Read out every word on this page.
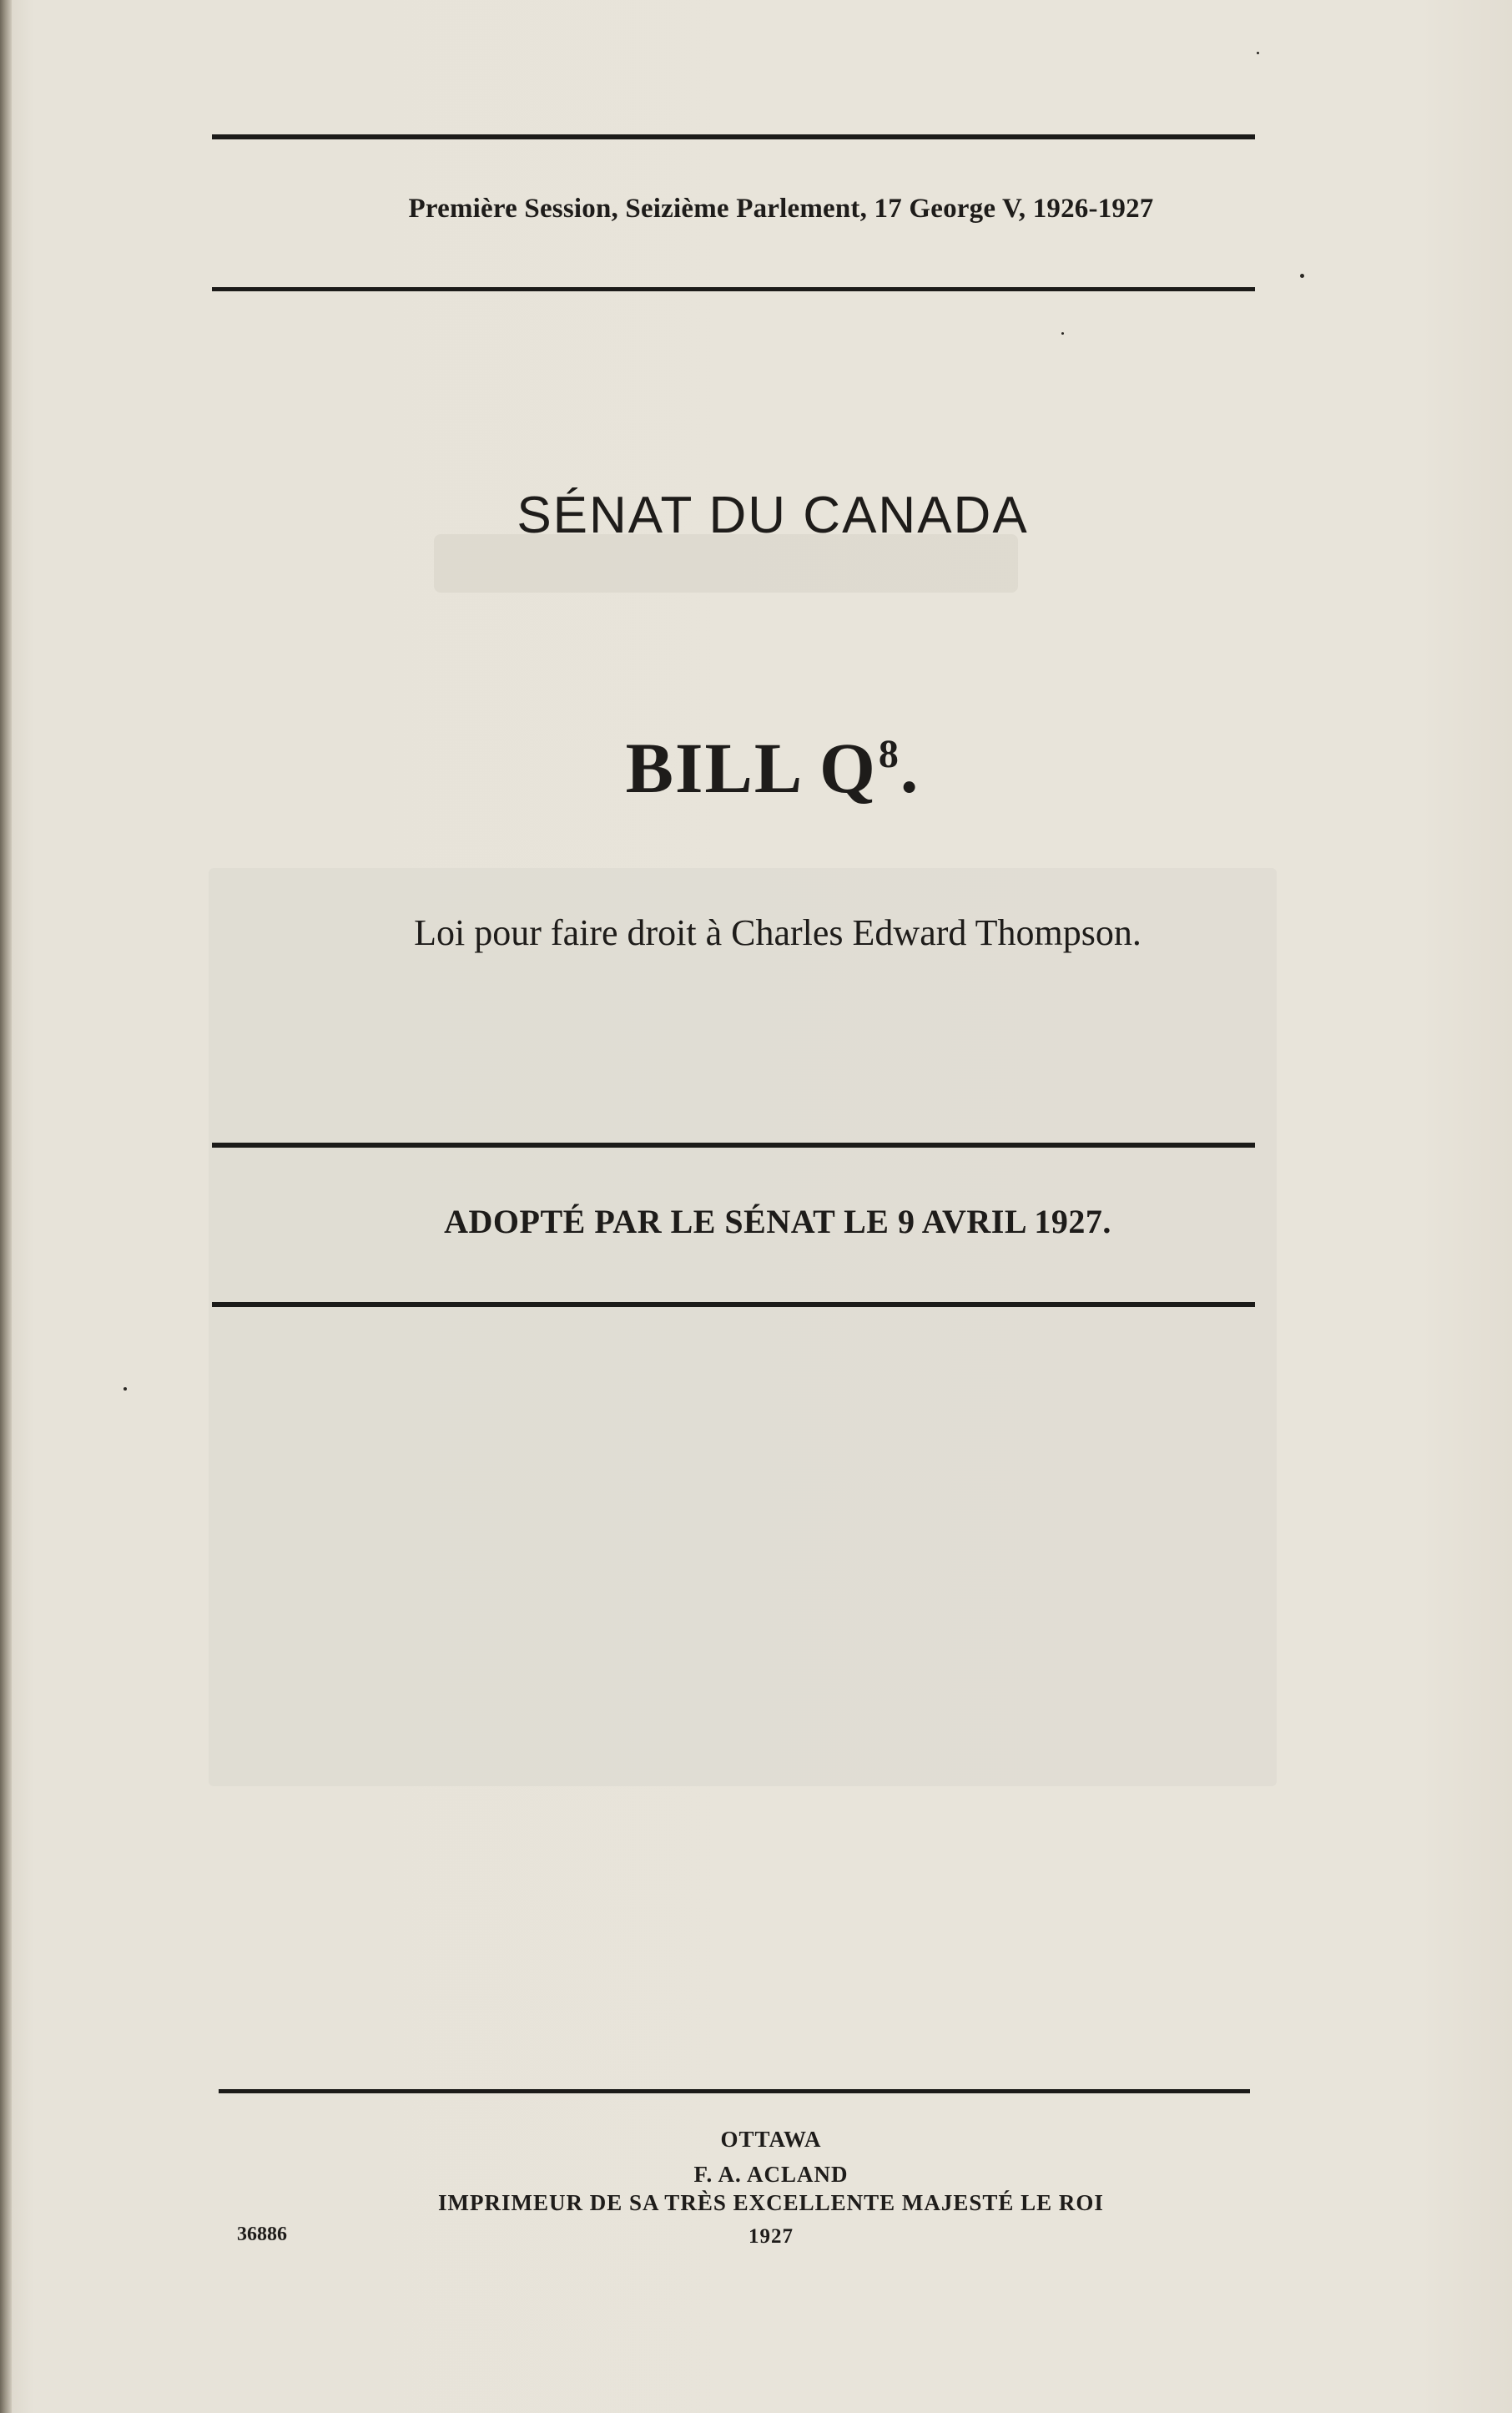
Première Session, Seizième Parlement, 17 George V, 1926-1927
SÉNAT DU CANADA
BILL $Q^8$.
Loi pour faire droit à Charles Edward Thompson.
ADOPTÉ PAR LE SÉNAT LE 9 AVRIL 1927.
OTTAWA
F. A. ACLAND
IMPRIMEUR DE SA TRÈS EXCELLENTE MAJESTÉ LE ROI
1927
36886
